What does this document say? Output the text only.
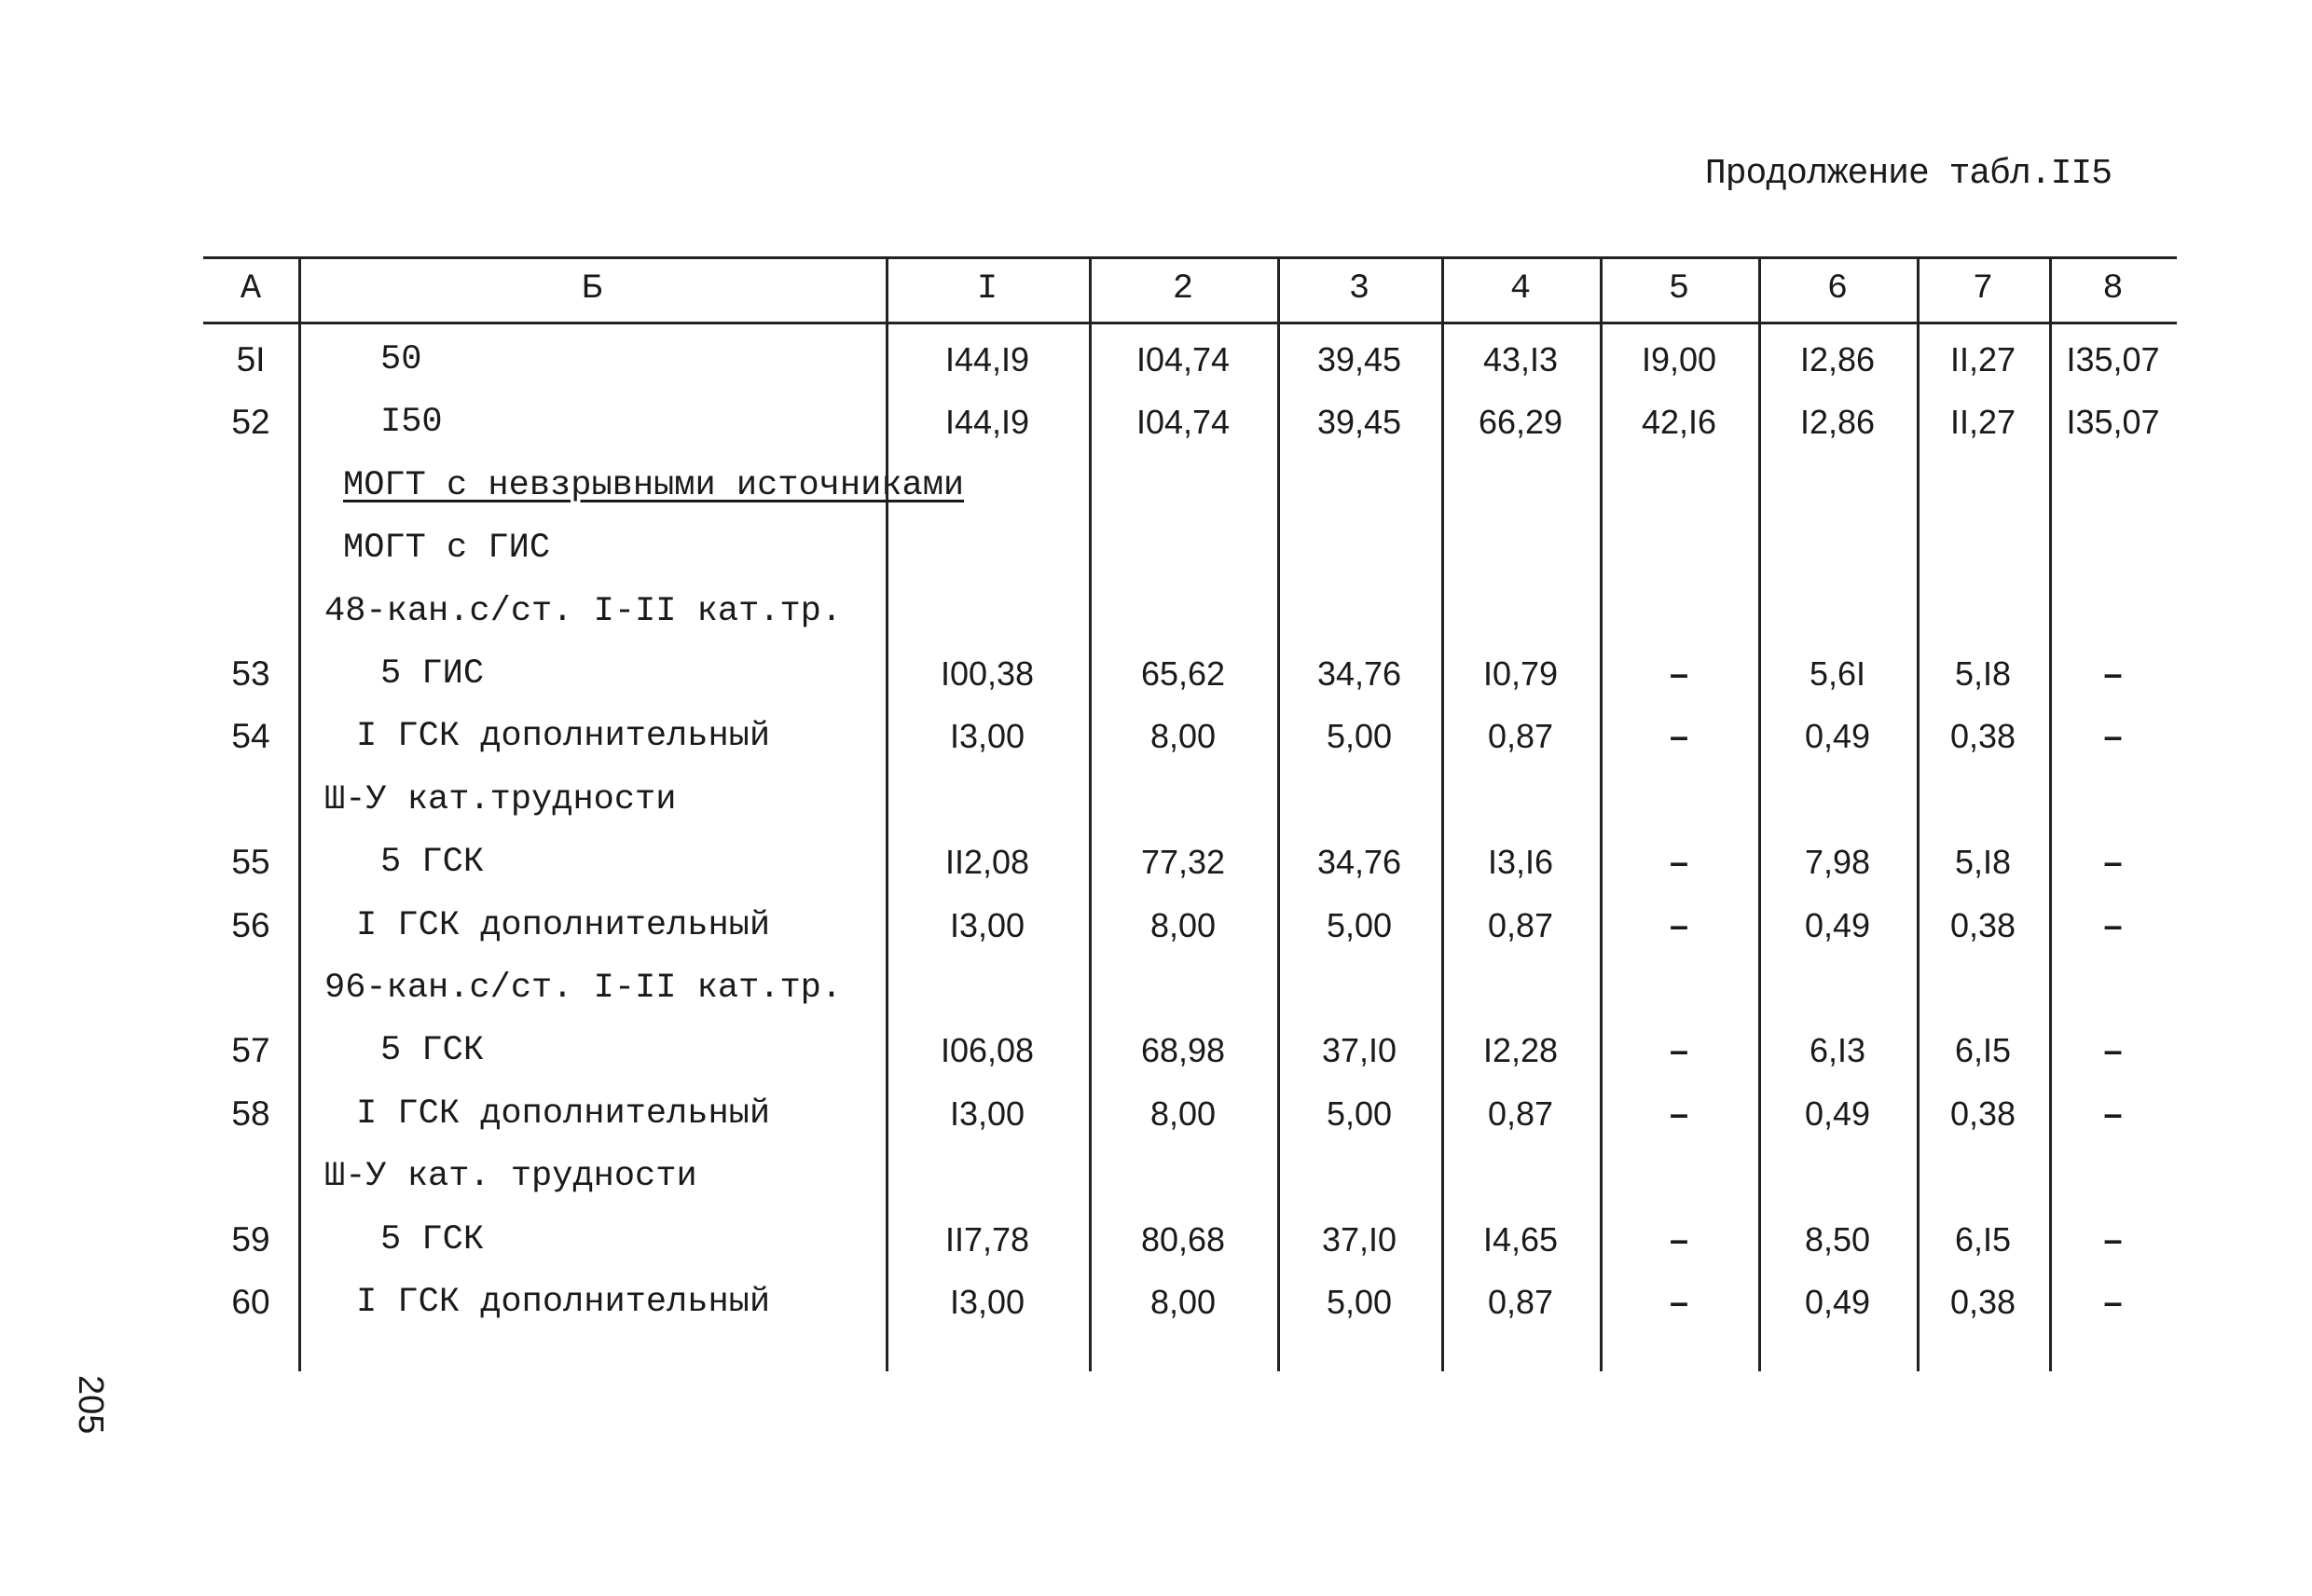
Продолжение табл.II5
А	Б	I	2	3	4	5	6	7	8
5I	50	I44,I9	I04,74	39,45	43,I3	I9,00	I2,86	II,27	I35,07
52	I50	I44,I9	I04,74	39,45	66,29	42,I6	I2,86	II,27	I35,07
МОГТ с невзрывными источниками
МОГТ с ГИС
48-кан.с/ст. I-II кат.тр.
53	5 ГИС	I00,38	65,62	34,76	I0,79	–	5,6I	5,I8	–
54	I ГСК дополнительный	I3,00	8,00	5,00	0,87	–	0,49	0,38	–
Ш-У кат.трудности
55	5 ГСК	II2,08	77,32	34,76	I3,I6	–	7,98	5,I8	–
56	I ГСК дополнительный	I3,00	8,00	5,00	0,87	–	0,49	0,38	–
96-кан.с/ст. I-II кат.тр.
57	5 ГСК	I06,08	68,98	37,I0	I2,28	–	6,I3	6,I5	–
58	I ГСК дополнительный	I3,00	8,00	5,00	0,87	–	0,49	0,38	–
Ш-У кат. трудности
59	5 ГСК	II7,78	80,68	37,I0	I4,65	–	8,50	6,I5	–
60	I ГСК дополнительный	I3,00	8,00	5,00	0,87	–	0,49	0,38	–
205
